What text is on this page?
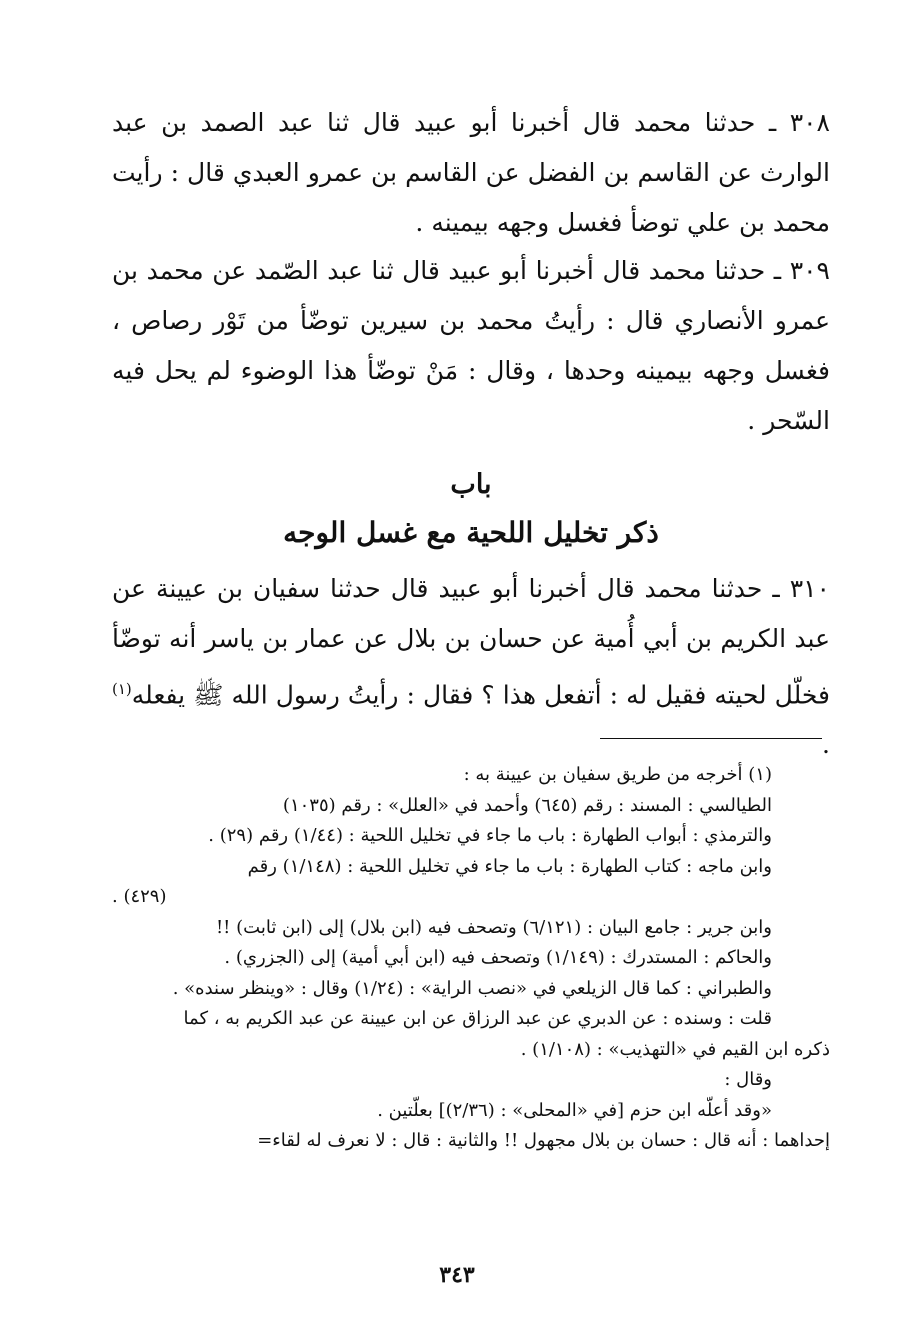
٣٠٨ ـ حدثنا محمد قال أخبرنا أبو عبيد قال ثنا عبد الصمد بن عبد الوارث عن القاسم بن الفضل عن القاسم بن عمرو العبدي قال : رأيت محمد بن علي توضأ فغسل وجهه بيمينه .

٣٠٩ ـ حدثنا محمد قال أخبرنا أبو عبيد قال ثنا عبد الصّمد عن محمد بن عمرو الأنصاري قال : رأيتُ محمد بن سيرين توضّأ من تَوْر رصاص ، فغسل وجهه بيمينه وحدها ، وقال : مَنْ توضّأ هذا الوضوء لم يحل فيه السّحر .

باب
ذكر تخليل اللحية مع غسل الوجه

٣١٠ ـ حدثنا محمد قال أخبرنا أبو عبيد قال حدثنا سفيان بن عيينة عن عبد الكريم بن أبي أُمية عن حسان بن بلال عن عمار بن ياسر أنه توضّأ فخلّل لحيته فقيل له : أتفعل هذا ؟ فقال : رأيتُ رسول الله ﷺ يفعله$^{(١)}$ .

(١) أخرجه من طريق سفيان بن عيينة به :

الطيالسي : المسند : رقم (٦٤٥) وأحمد في «العلل» : رقم (١٠٣٥)

والترمذي : أبواب الطهارة : باب ما جاء في تخليل اللحية : (١/٤٤) رقم (٢٩) .

وابن ماجه : كتاب الطهارة : باب ما جاء في تخليل اللحية : (١/١٤٨) رقم

(٤٢٩) .

وابن جرير : جامع البيان : (٦/١٢١) وتصحف فيه (ابن بلال) إلى (ابن ثابت) !!

والحاكم : المستدرك : (١/١٤٩) وتصحف فيه (ابن أبي أمية) إلى (الجزري) .

والطبراني : كما قال الزيلعي في «نصب الراية» : (١/٢٤) وقال : «وينظر سنده» .

قلت : وسنده : عن الدبري عن عبد الرزاق عن ابن عيينة عن عبد الكريم به ، كما

ذكره ابن القيم في «التهذيب» : (١/١٠٨) .

وقال :

«وقد أعلّه ابن حزم [في «المحلى» : (٢/٣٦)] بعلّتين .

إحداهما : أنه قال : حسان بن بلال مجهول !! والثانية : قال : لا نعرف له لقاء=

٣٤٣
